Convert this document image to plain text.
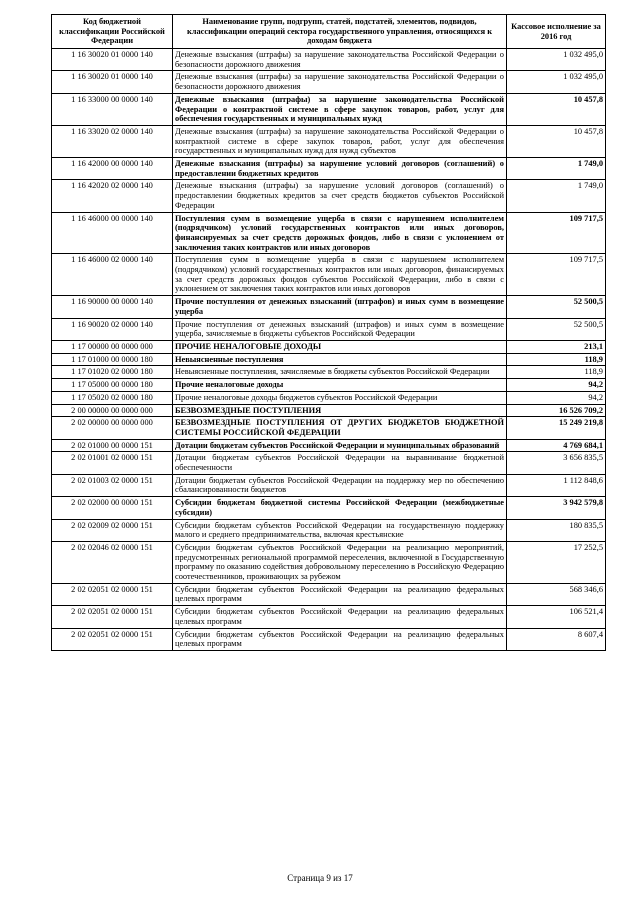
Код бюджетной классификации Российской Федерации	Наименование групп, подгрупп, статей, подстатей, элементов, подвидов, классификации операций сектора государственного управления, относящихся к доходам бюджета	Кассовое исполнение за 2016 год
1 16 30020 01 0000 140	Денежные взыскания (штрафы) за нарушение законодательства Российской Федерации о безопасности дорожного движения	1 032 495,0
1 16 30020 01 0000 140	Денежные взыскания (штрафы) за нарушение законодательства Российской Федерации о безопасности дорожного движения	1 032 495,0
1 16 33000 00 0000 140	Денежные взыскания (штрафы) за нарушение законодательства Российской Федерации о контрактной системе в сфере закупок товаров, работ, услуг для обеспечения государственных и муниципальных нужд	10 457,8
1 16 33020 02 0000 140	Денежные взыскания (штрафы) за нарушение законодательства Российской Федерации о контрактной системе в сфере закупок товаров, работ, услуг для обеспечения государственных и муниципальных нужд для нужд субъектов	10 457,8
1 16 42000 00 0000 140	Денежные взыскания (штрафы) за нарушение условий договоров (соглашений) о предоставлении бюджетных кредитов	1 749,0
1 16 42020 02 0000 140	Денежные взыскания (штрафы) за нарушение условий договоров (соглашений) о предоставлении бюджетных кредитов за счет средств бюджетов субъектов Российской Федерации	1 749,0
1 16 46000 00 0000 140	Поступления сумм в возмещение ущерба в связи с нарушением исполнителем (подрядчиком) условий государственных контрактов или иных договоров, финансируемых за счет средств дорожных фондов, либо в связи с уклонением от заключения таких контрактов или иных договоров	109 717,5
1 16 46000 02 0000 140	Поступления сумм в возмещение ущерба в связи с нарушением исполнителем (подрядчиком) условий государственных контрактов или иных договоров, финансируемых за счет средств дорожных фондов субъектов Российской Федерации, либо в связи с уклонением от заключения таких контрактов или иных договоров	109 717,5
1 16 90000 00 0000 140	Прочие поступления от денежных взысканий (штрафов) и иных сумм в возмещение ущерба	52 500,5
1 16 90020 02 0000 140	Прочие поступления от денежных взысканий (штрафов) и иных сумм в возмещение ущерба, зачисляемые в бюджеты субъектов Российской Федерации	52 500,5
1 17 00000 00 0000 000	ПРОЧИЕ НЕНАЛОГОВЫЕ ДОХОДЫ	213,1
1 17 01000 00 0000 180	Невыясненные поступления	118,9
1 17 01020 02 0000 180	Невыясненные поступления, зачисляемые в бюджеты субъектов Российской Федерации	118,9
1 17 05000 00 0000 180	Прочие неналоговые доходы	94,2
1 17 05020 02 0000 180	Прочие неналоговые доходы бюджетов субъектов Российской Федерации	94,2
2 00 00000 00 0000 000	БЕЗВОЗМЕЗДНЫЕ ПОСТУПЛЕНИЯ	16 526 709,2
2 02 00000 00 0000 000	БЕЗВОЗМЕЗДНЫЕ ПОСТУПЛЕНИЯ ОТ ДРУГИХ БЮДЖЕТОВ БЮДЖЕТНОЙ СИСТЕМЫ РОССИЙСКОЙ ФЕДЕРАЦИИ	15 249 219,8
2 02 01000 00 0000 151	Дотации бюджетам субъектов Российской Федерации и муниципальных образований	4 769 684,1
2 02 01001 02 0000 151	Дотации бюджетам субъектов Российской Федерации на выравнивание бюджетной обеспеченности	3 656 835,5
2 02 01003 02 0000 151	Дотации бюджетам субъектов Российской Федерации на поддержку мер по обеспечению сбалансированности бюджетов	1 112 848,6
2 02 02000 00 0000 151	Субсидии бюджетам бюджетной системы Российской Федерации (межбюджетные субсидии)	3 942 579,8
2 02 02009 02 0000 151	Субсидии бюджетам субъектов Российской Федерации на государственную поддержку малого и среднего предпринимательства, включая крестьянские	180 835,5
2 02 02046 02 0000 151	Субсидии бюджетам субъектов Российской Федерации на реализацию мероприятий, предусмотренных региональной программой переселения, включенной в Государственную программу по оказанию содействия добровольному переселению в Российскую Федерацию соотечественников, проживающих за рубежом	17 252,5
2 02 02051 02 0000 151	Субсидии бюджетам субъектов Российской Федерации на реализацию федеральных целевых программ	568 346,6
2 02 02051 02 0000 151	Субсидии бюджетам субъектов Российской Федерации на реализацию федеральных целевых программ	106 521,4
2 02 02051 02 0000 151	Субсидии бюджетам субъектов Российской Федерации на реализацию федеральных целевых программ	8 607,4
Страница 9 из 17
